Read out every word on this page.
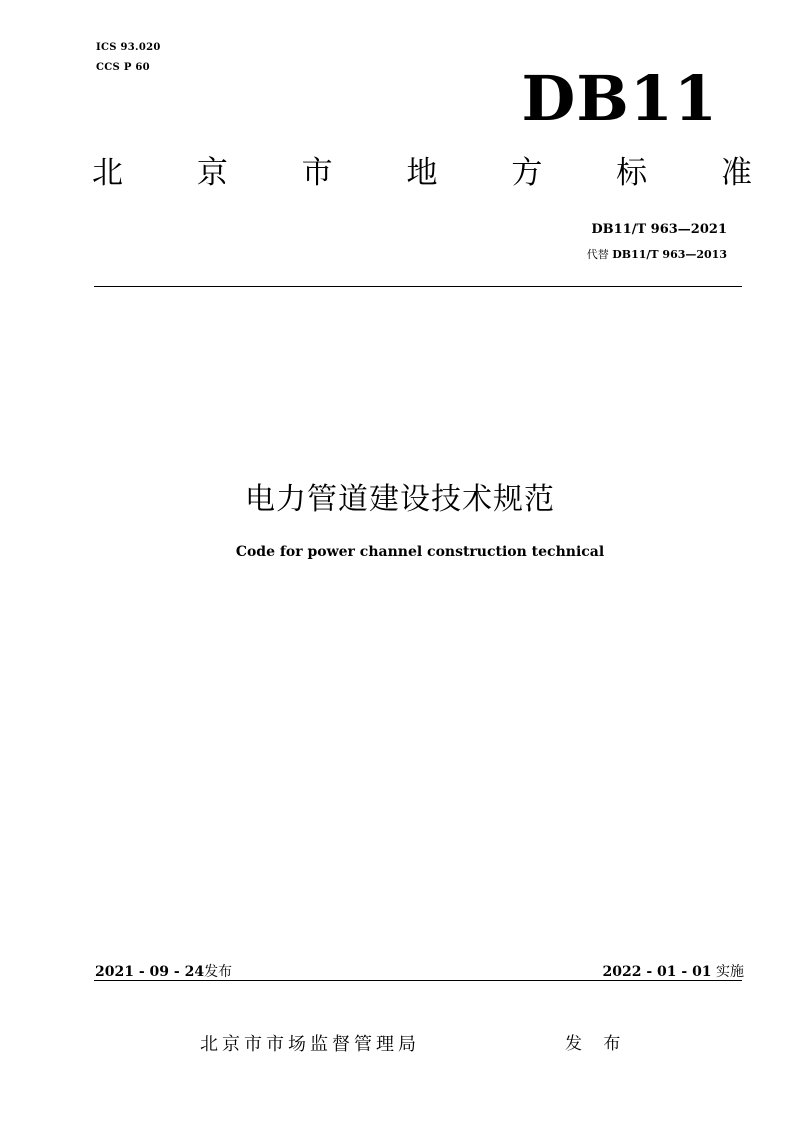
ICS 93.020
CCS P 60	DB11
北 京 市 地 方 标 准
DB11/T 963—2021
代替 DB11/T 963—2013
电力管道建设技术规范
Code for power channel construction technical
2021 - 09 - 24发布	2022 - 01 - 01 实施
北京市市场监督管理局	发 布
